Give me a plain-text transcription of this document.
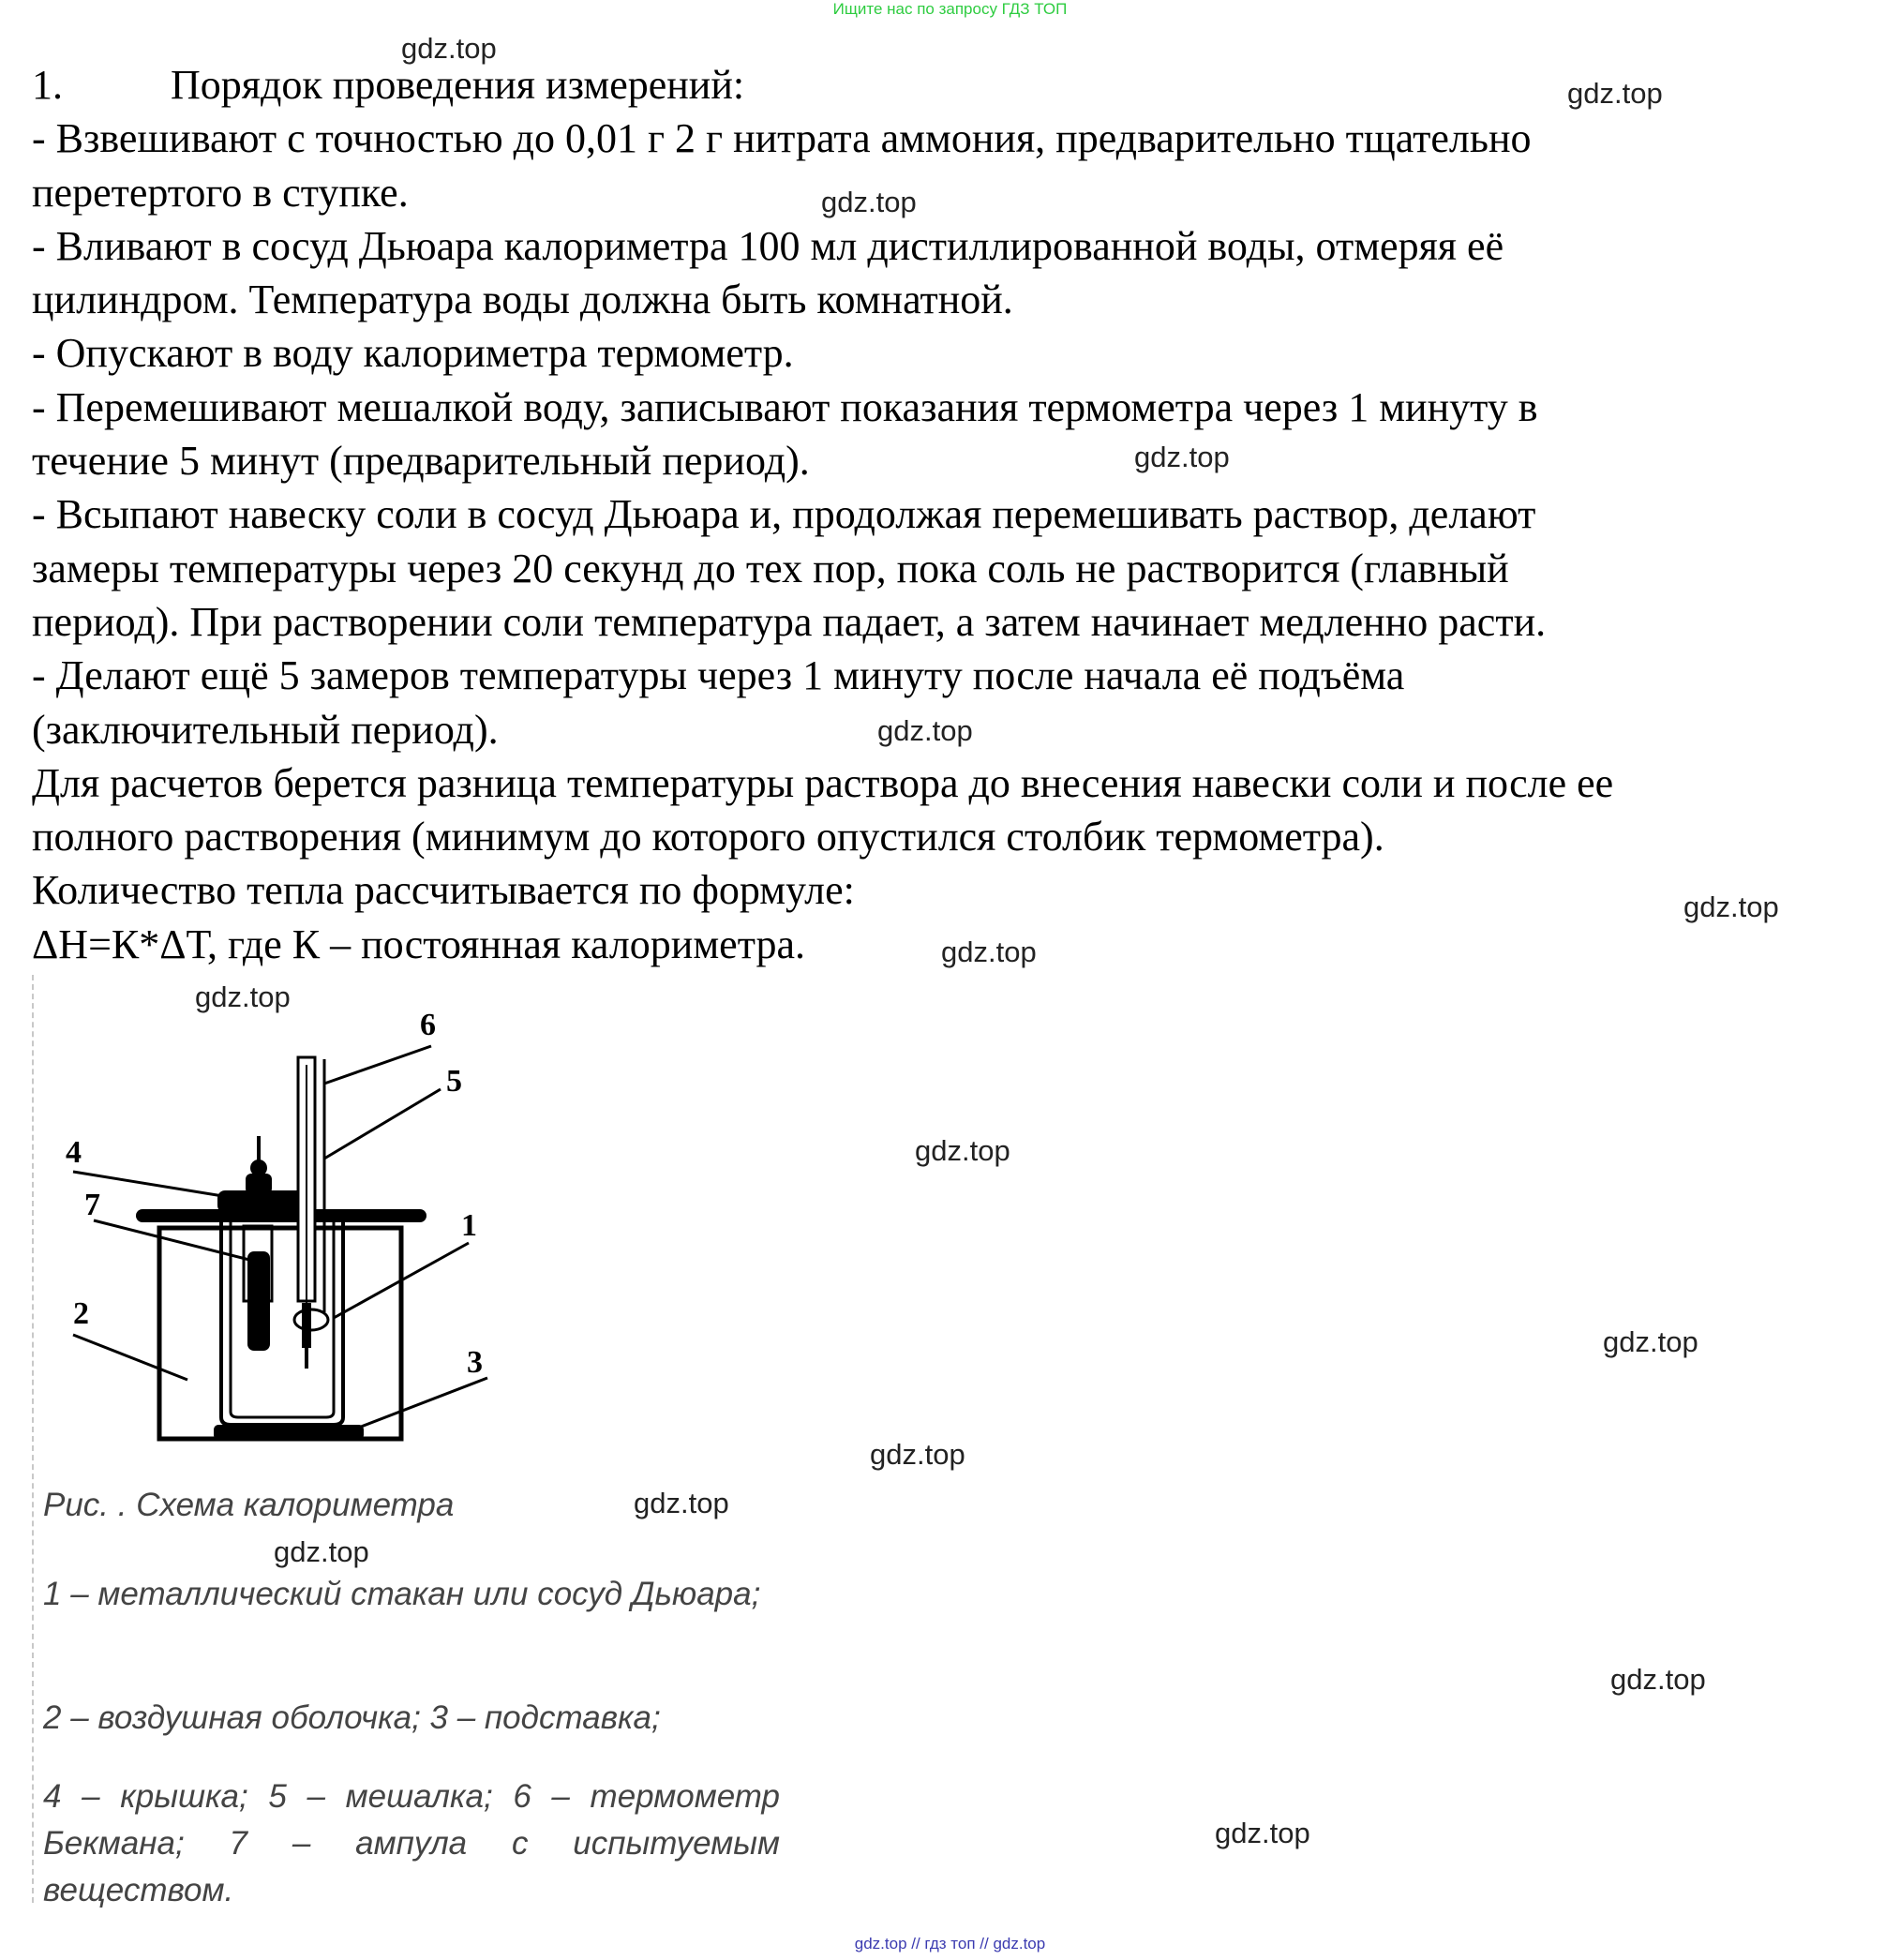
Ищите нас по запросу ГДЗ ТОП

1.	Порядок проведения измерений:

- Взвешивают с точностью до 0,01 г 2 г нитрата аммония, предварительно тщательно

перетертого в ступке.

- Вливают в сосуд Дьюара калориметра 100 мл дистиллированной воды, отмеряя её

цилиндром. Температура воды должна быть комнатной.

- Опускают в воду калориметра термометр.

- Перемешивают мешалкой воду, записывают показания термометра через 1 минуту в

течение 5 минут (предварительный период).

- Всыпают навеску соли в сосуд Дьюара и, продолжая перемешивать раствор, делают

замеры температуры через 20 секунд до тех пор, пока соль не растворится (главный

период). При растворении соли температура падает, а затем начинает медленно расти.

- Делают ещё 5 замеров температуры через 1 минуту после начала её подъёма

(заключительный период).

Для расчетов берется разница температуры раствора до внесения навески соли и после ее

полного растворения (минимум до которого опустился столбик термометра).

Количество тепла рассчитывается по формуле:

ΔН=К*ΔТ, где К – постоянная калориметра.

gdz.top
gdz.top
gdz.top
gdz.top
gdz.top
gdz.top
gdz.top
gdz.top
gdz.top
gdz.top
gdz.top
gdz.top
gdz.top
gdz.top
gdz.top
6
5
4
7
1
2
3
Рис. . Схема калориметра
1 – металлический стакан или сосуд Дьюара;
2 – воздушная оболочка; 3 – подставка;
4 – крышка; 5 – мешалка; 6 – термометр Бекмана; 7 – ампула с испытуемым веществом.
gdz.top // гдз топ // gdz.top
